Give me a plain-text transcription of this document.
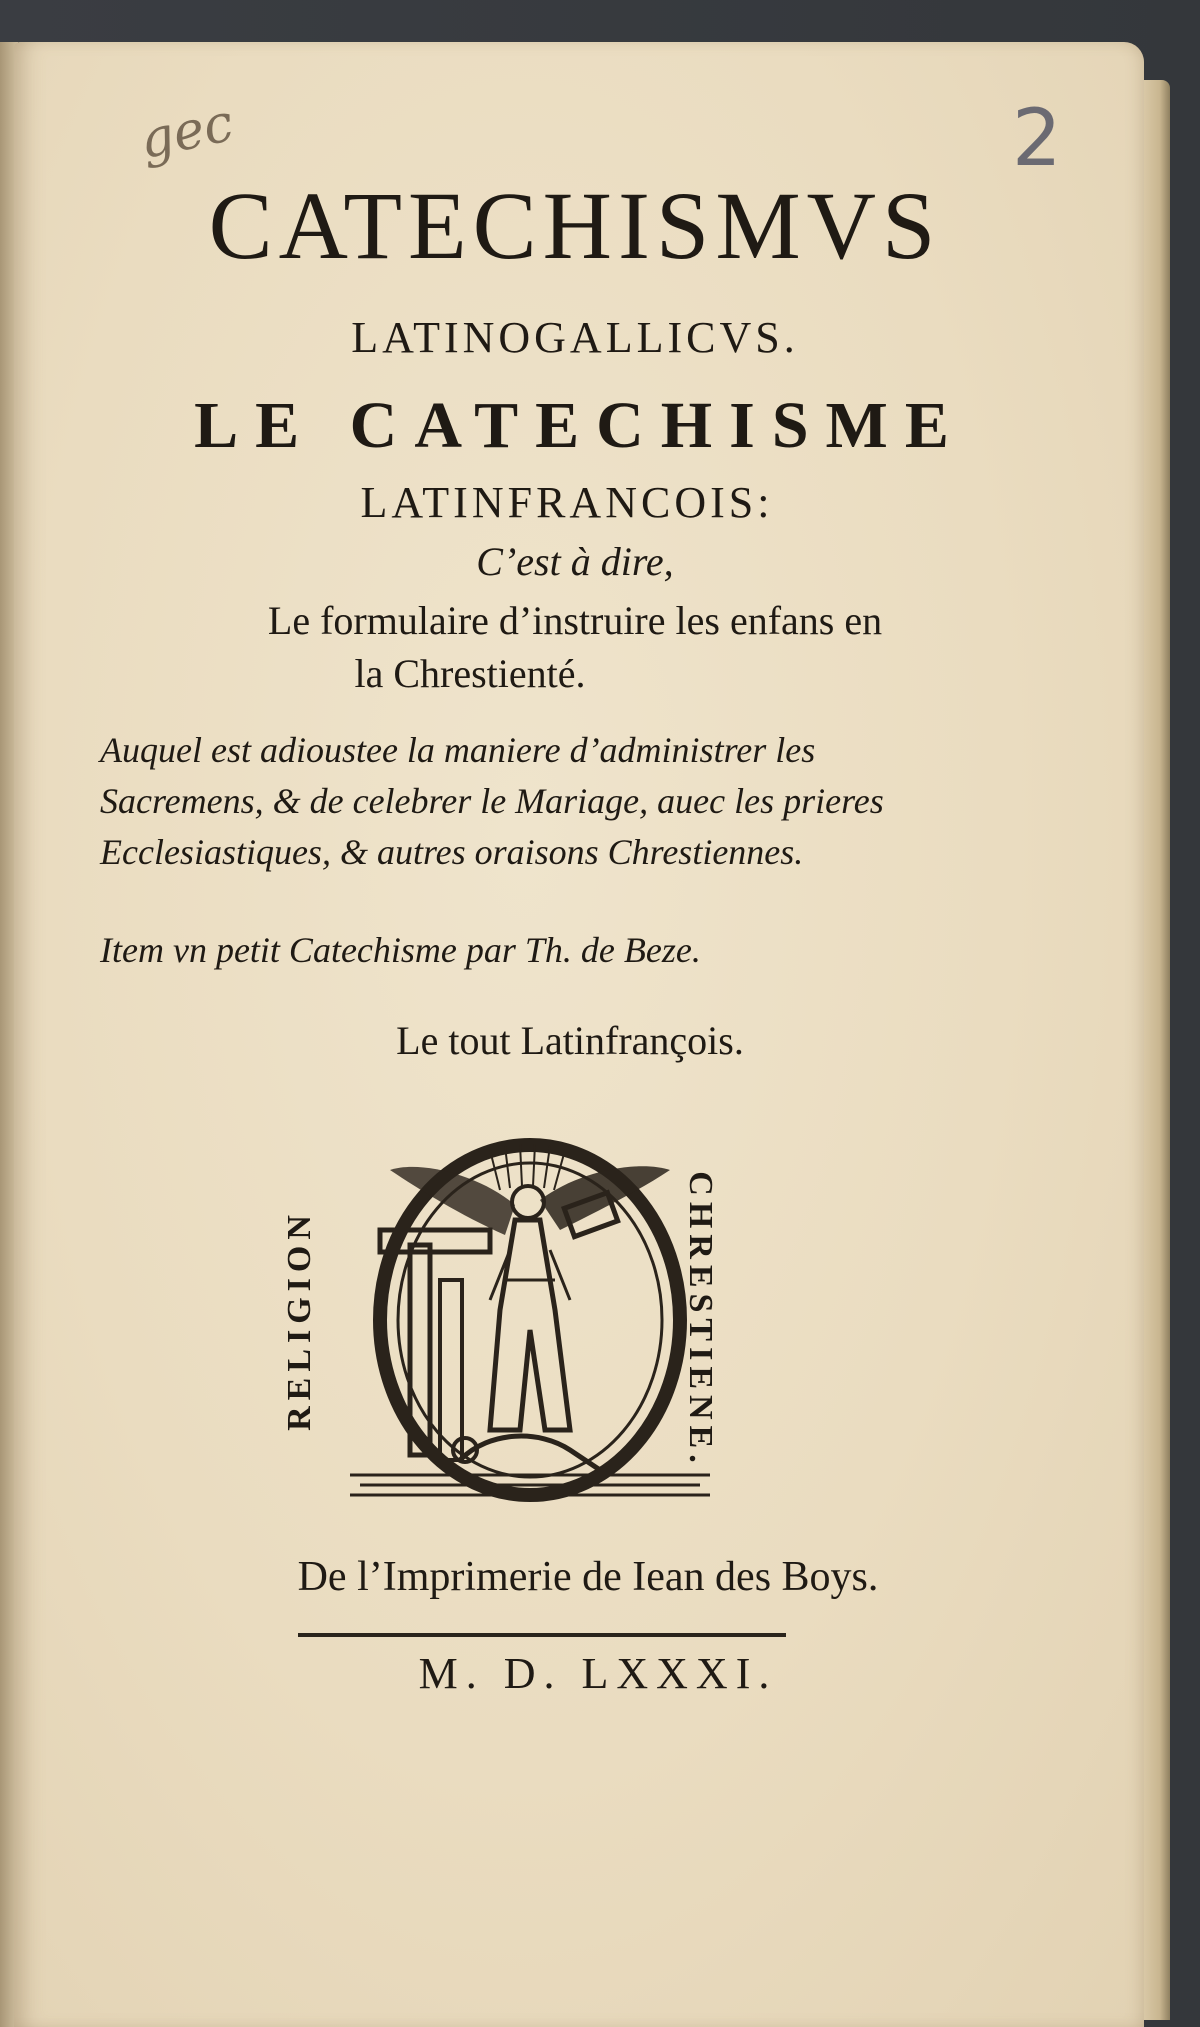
gec	2
CATECHISMVS
LATINOGALLICVS.
LE CATECHISME
LATINFRANCOIS:
C’est à dire,
Le formulaire d’instruire les enfans en
la Chrestienté.
Auquel est adioustee la maniere d’administrer les Sacremens, & de celebrer le Mariage, auec les prieres Ecclesiastiques, & autres oraisons Chrestiennes.
Item vn petit Catechisme par Th. de Beze.
Le tout Latinfrançois.
RELIGION	CHRESTIENE.
De l’Imprimerie de Iean des Boys.
M. D. LXXXI.
